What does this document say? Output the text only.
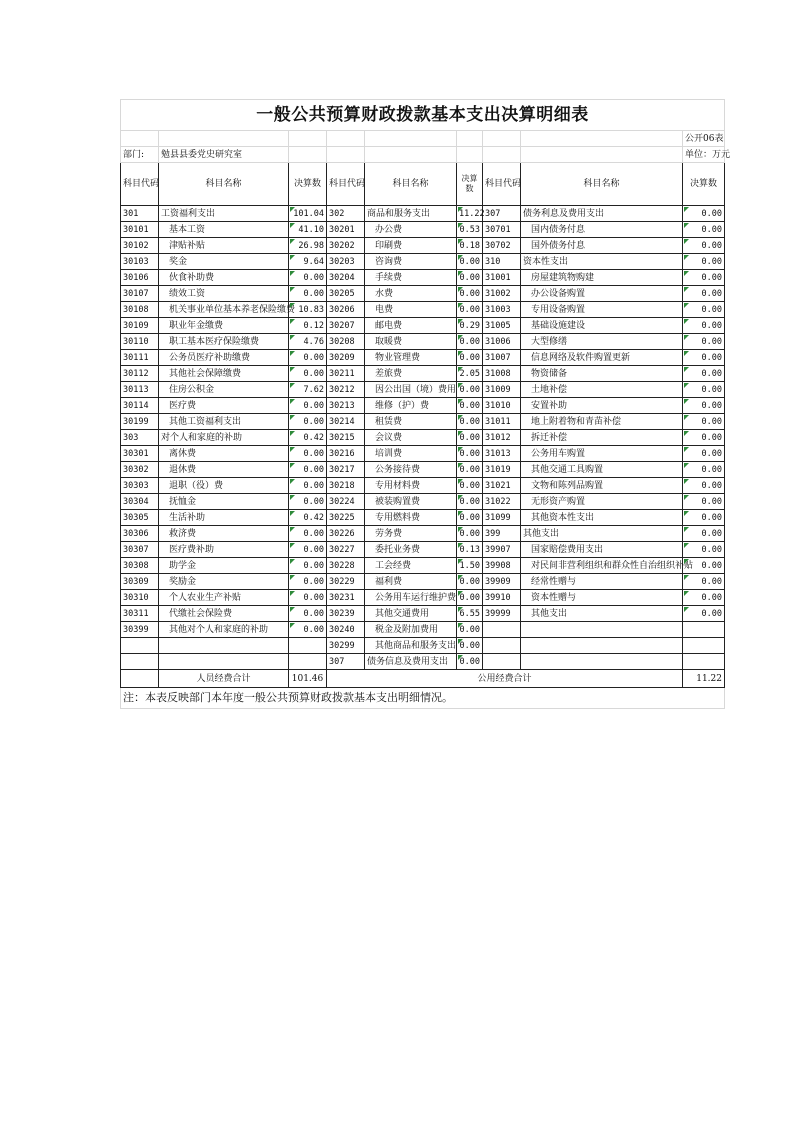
一般公共预算财政拨款基本支出决算明细表								
								公开06表
部门:	勉县县委党史研究室							单位：万元
科目代码	科目名称	决算数	科目代码	科目名称	决算数	科目代码	科目名称	决算数
301	工资福利支出	101.04	302	商品和服务支出	11.22	307	债务利息及费用支出	0.00
30101	基本工资	41.10	30201	办公费	0.53	30701	国内债务付息	0.00
30102	津贴补贴	26.98	30202	印刷费	0.18	30702	国外债务付息	0.00
30103	奖金	9.64	30203	咨询费	0.00	310	资本性支出	0.00
30106	伙食补助费	0.00	30204	手续费	0.00	31001	房屋建筑物购建	0.00
30107	绩效工资	0.00	30205	水费	0.00	31002	办公设备购置	0.00
30108	机关事业单位基本养老保险缴费	10.83	30206	电费	0.00	31003	专用设备购置	0.00
30109	职业年金缴费	0.12	30207	邮电费	0.29	31005	基础设施建设	0.00
30110	职工基本医疗保险缴费	4.76	30208	取暖费	0.00	31006	大型修缮	0.00
30111	公务员医疗补助缴费	0.00	30209	物业管理费	0.00	31007	信息网络及软件购置更新	0.00
30112	其他社会保障缴费	0.00	30211	差旅费	2.05	31008	物资储备	0.00
30113	住房公积金	7.62	30212	因公出国（境）费用	0.00	31009	土地补偿	0.00
30114	医疗费	0.00	30213	维修（护）费	0.00	31010	安置补助	0.00
30199	其他工资福利支出	0.00	30214	租赁费	0.00	31011	地上附着物和青苗补偿	0.00
303	对个人和家庭的补助	0.42	30215	会议费	0.00	31012	拆迁补偿	0.00
30301	离休费	0.00	30216	培训费	0.00	31013	公务用车购置	0.00
30302	退休费	0.00	30217	公务接待费	0.00	31019	其他交通工具购置	0.00
30303	退职（役）费	0.00	30218	专用材料费	0.00	31021	文物和陈列品购置	0.00
30304	抚恤金	0.00	30224	被装购置费	0.00	31022	无形资产购置	0.00
30305	生活补助	0.42	30225	专用燃料费	0.00	31099	其他资本性支出	0.00
30306	救济费	0.00	30226	劳务费	0.00	399	其他支出	0.00
30307	医疗费补助	0.00	30227	委托业务费	0.13	39907	国家赔偿费用支出	0.00
30308	助学金	0.00	30228	工会经费	1.50	39908	对民间非营利组织和群众性自治组织补贴	0.00
30309	奖励金	0.00	30229	福利费	0.00	39909	经常性赠与	0.00
30310	个人农业生产补贴	0.00	30231	公务用车运行维护费	0.00	39910	资本性赠与	0.00
30311	代缴社会保险费	0.00	30239	其他交通费用	6.55	39999	其他支出	0.00
30399	其他对个人和家庭的补助	0.00	30240	税金及附加费用	0.00			
			30299	其他商品和服务支出	0.00			
			307	债务信息及费用支出	0.00			
	人员经费合计	101.46	公用经费合计					11.22
注：本表反映部门本年度一般公共预算财政拨款基本支出明细情况。								
